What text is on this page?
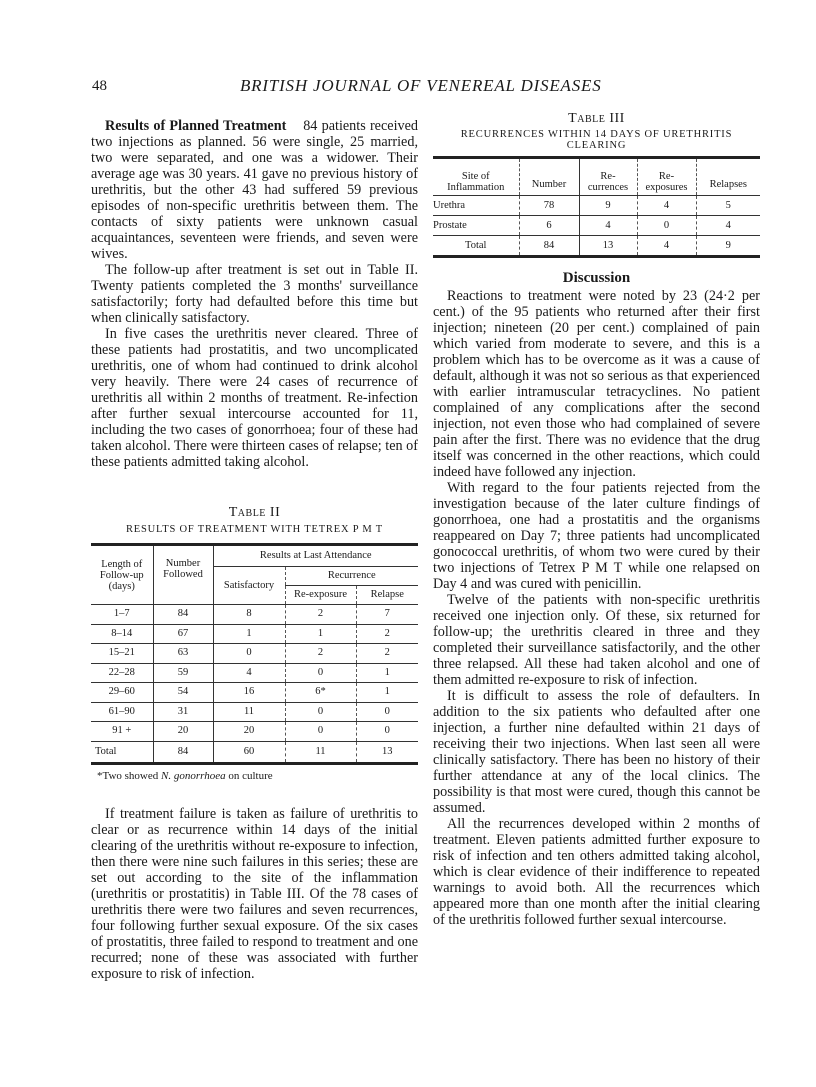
48	BRITISH JOURNAL OF VENEREAL DISEASES

Results of Planned Treatment 84 patients received two injections as planned. 56 were single, 25 married, two were separated, and one was a widower. Their average age was 30 years. 41 gave no previous history of urethritis, but the other 43 had suffered 59 previous episodes of non-specific urethritis between them. The contacts of sixty patients were unknown casual acquaintances, seventeen were friends, and seven were wives.

The follow-up after treatment is set out in Table II. Twenty patients completed the 3 months' surveillance satisfactorily; forty had defaulted before this time but when clinically satisfactory.

In five cases the urethritis never cleared. Three of these patients had prostatitis, and two uncomplicated urethritis, one of whom had continued to drink alcohol very heavily. There were 24 cases of recurrence of urethritis all within 2 months of treatment. Re-infection after further sexual intercourse accounted for 11, including the two cases of gonorrhoea; four of these had taken alcohol. There were thirteen cases of relapse; ten of these patients admitted taking alcohol.

Table II
RESULTS OF TREATMENT WITH TETREX P M T
Length of Follow-up (days)	Number Followed	Results at Last Attendance		
		Satisfactory	Recurrence	
			Re-exposure	Relapse
1–7	84	8	2	7
8–14	67	1	1	2
15–21	63	0	2	2
22–28	59	4	0	1
29–60	54	16	6*	1
61–90	31	11	0	0
91 +	20	20	0	0
Total	84	60	11	13
*Two showed N. gonorrhoea on culture

If treatment failure is taken as failure of urethritis to clear or as recurrence within 14 days of the initial clearing of the urethritis without re-exposure to infection, then there were nine such failures in this series; these are set out according to the site of the inflammation (urethritis or prostatitis) in Table III. Of the 78 cases of urethritis there were two failures and seven recurrences, four following further sexual exposure. Of the six cases of prostatitis, three failed to respond to treatment and one recurred; none of these was associated with further exposure to risk of infection.

Table III
RECURRENCES WITHIN 14 DAYS OF URETHRITIS CLEARING
Site of Inflammation	Number	Re- currences	Re- exposures	Relapses
Urethra	78	9	4	5
Prostate	6	4	0	4
Total	84	13	4	9
Discussion

Reactions to treatment were noted by 23 (24·2 per cent.) of the 95 patients who returned after their first injection; nineteen (20 per cent.) complained of pain which varied from moderate to severe, and this is a problem which has to be overcome as it was a cause of default, although it was not so serious as that experienced with earlier intramuscular tetracyclines. No patient complained of any complications after the second injection, not even those who had complained of severe pain after the first. There was no evidence that the drug itself was concerned in the other reactions, which could indeed have followed any injection.

With regard to the four patients rejected from the investigation because of the later culture findings of gonorrhoea, one had a prostatitis and the organisms reappeared on Day 7; three patients had uncomplicated gonococcal urethritis, of whom two were cured by their two injections of Tetrex P M T while one relapsed on Day 4 and was cured with penicillin.

Twelve of the patients with non-specific urethritis received one injection only. Of these, six returned for follow-up; the urethritis cleared in three and they completed their surveillance satisfactorily, and the other three relapsed. All these had taken alcohol and one of them admitted re-exposure to risk of infection.

It is difficult to assess the role of defaulters. In addition to the six patients who defaulted after one injection, a further nine defaulted within 21 days of receiving their two injections. When last seen all were clinically satisfactory. There has been no history of their further attendance at any of the local clinics. The possibility is that most were cured, though this cannot be assumed.

All the recurrences developed within 2 months of treatment. Eleven patients admitted further exposure to risk of infection and ten others admitted taking alcohol, which is clear evidence of their indifference to repeated warnings to avoid both. All the recurrences which appeared more than one month after the initial clearing of the urethritis followed further sexual intercourse.
